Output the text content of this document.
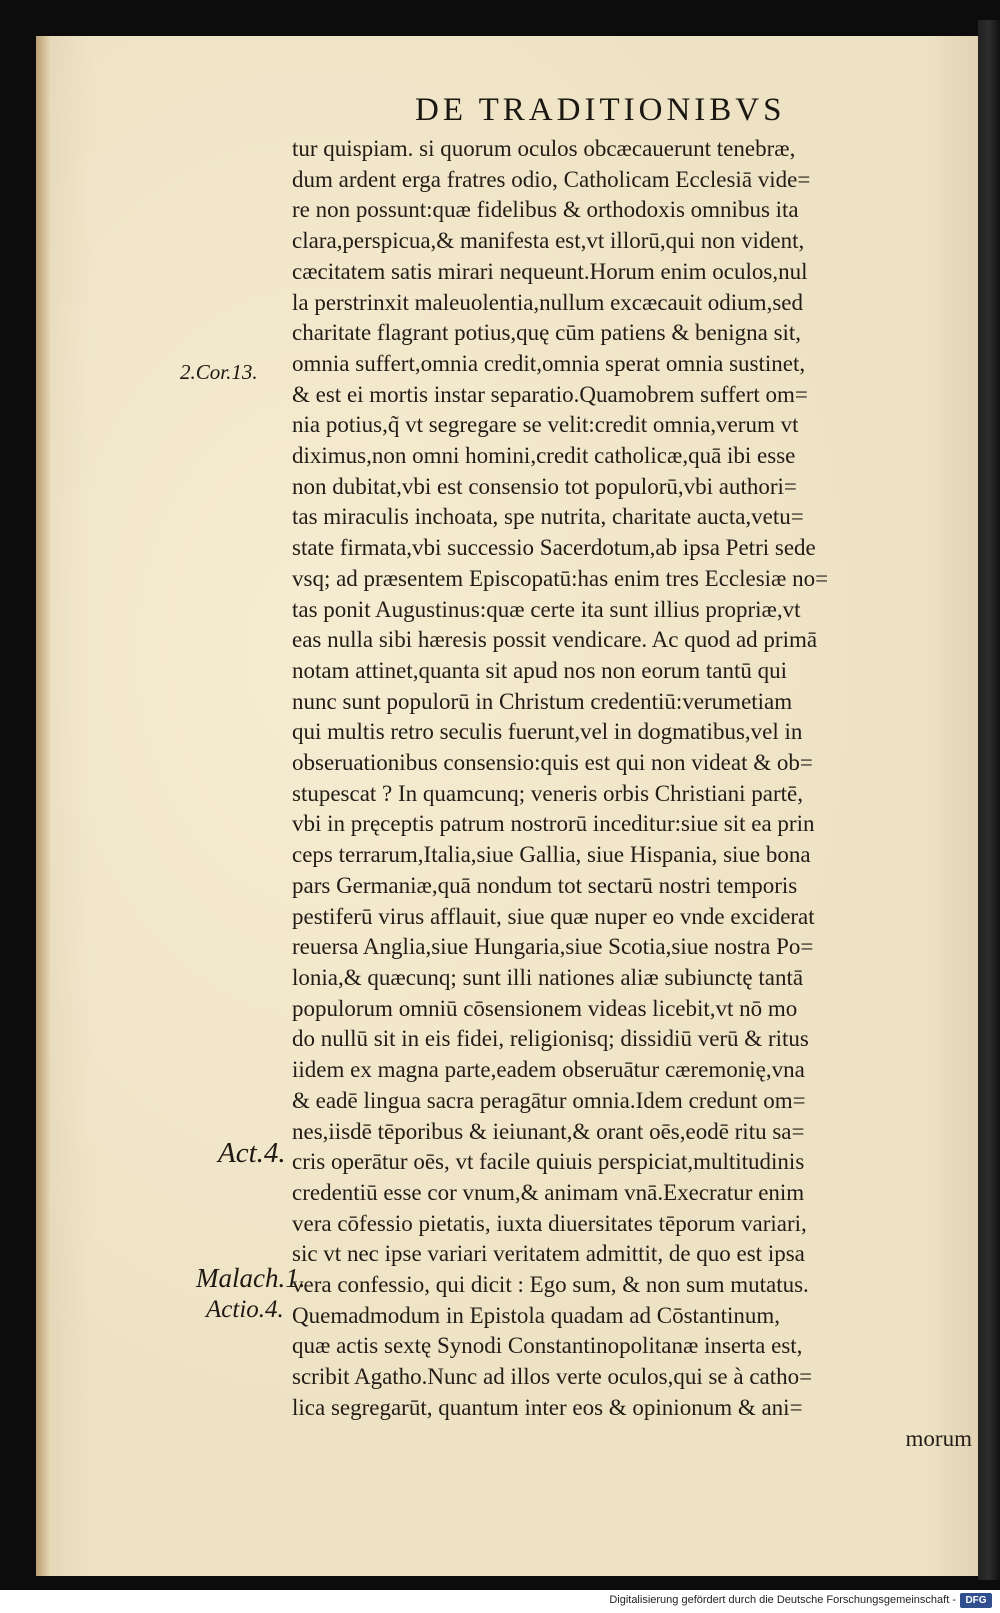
DE TRADITIONIBVS
2.Cor.13.
Act.4.
Malach.1.
Actio.4.
tur quispiam. si quorum oculos obcæcauerunt tenebræ,
dum ardent erga fratres odio, Catholicam Ecclesiā vide=
re non possunt:quæ fidelibus & orthodoxis omnibus ita
clara,perspicua,& manifesta est,vt illorū,qui non vident,
cæcitatem satis mirari nequeunt.Horum enim oculos,nul
la perstrinxit maleuolentia,nullum excæcauit odium,sed
charitate flagrant potius,quę cūm patiens & benigna sit,
omnia suffert,omnia credit,omnia sperat omnia sustinet,
& est ei mortis instar separatio.Quamobrem suffert om=
nia potius,q̃ vt segregare se velit:credit omnia,verum vt
diximus,non omni homini,credit catholicæ,quā ibi esse
non dubitat,vbi est consensio tot populorū,vbi authori=
tas miraculis inchoata, spe nutrita, charitate aucta,vetu=
state firmata,vbi successio Sacerdotum,ab ipsa Petri sede
vsq; ad præsentem Episcopatū:has enim tres Ecclesiæ no=
tas ponit Augustinus:quæ certe ita sunt illius propriæ,vt
eas nulla sibi hæresis possit vendicare. Ac quod ad primā
notam attinet,quanta sit apud nos non eorum tantū qui
nunc sunt populorū in Christum credentiū:verumetiam
qui multis retro seculis fuerunt,vel in dogmatibus,vel in
obseruationibus consensio:quis est qui non videat & ob=
stupescat ? In quamcunq; veneris orbis Christiani partē,
vbi in pręceptis patrum nostrorū inceditur:siue sit ea prin
ceps terrarum,Italia,siue Gallia, siue Hispania, siue bona
pars Germaniæ,quā nondum tot sectarū nostri temporis
pestiferū virus afflauit, siue quæ nuper eo vnde exciderat
reuersa Anglia,siue Hungaria,siue Scotia,siue nostra Po=
lonia,& quæcunq; sunt illi nationes aliæ subiunctę tantā
populorum omniū cōsensionem videas licebit,vt nō mo
do nullū sit in eis fidei, religionisq; dissidiū verū & ritus
iidem ex magna parte,eadem obseruātur cæremonię,vna
& eadē lingua sacra peragātur omnia.Idem credunt om=
nes,iisdē tēporibus & ieiunant,& orant oēs,eodē ritu sa=
cris operātur oēs, vt facile quiuis perspiciat,multitudinis
credentiū esse cor vnum,& animam vnā.Execratur enim
vera cōfessio pietatis, iuxta diuersitates tēporum variari,
sic vt nec ipse variari veritatem admittit, de quo est ipsa
vera confessio, qui dicit : Ego sum, & non sum mutatus.
Quemadmodum in Epistola quadam ad Cōstantinum,
quæ actis sextę Synodi Constantinopolitanæ inserta est,
scribit Agatho.Nunc ad illos verte oculos,qui se à catho=
lica segregarūt, quantum inter eos & opinionum & ani=
morum
Digitalisierung gefördert durch die Deutsche Forschungsgemeinschaft - DFG
